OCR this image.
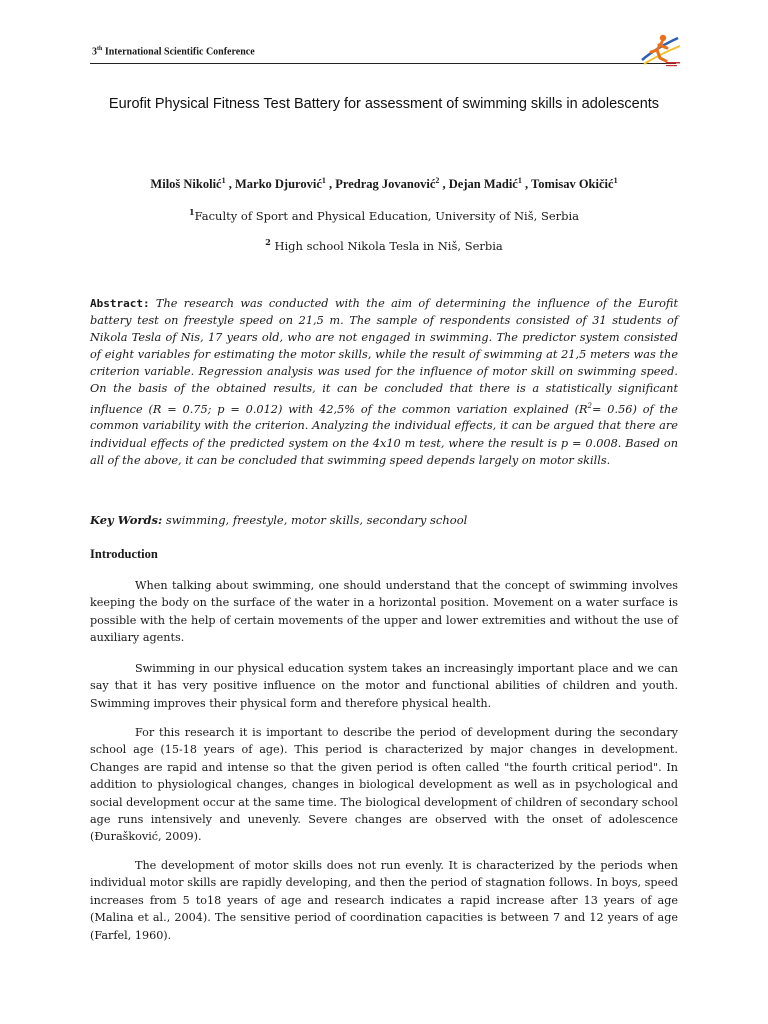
3th International Scientific Conference
Eurofit Physical Fitness Test Battery for assessment of swimming skills in adolescents
Miloš Nikolić$^1$ , Marko Djurović$^1$ , Predrag Jovanović$^2$ , Dejan Madić$^1$ , Tomisav Okičić$^1$
$^1$Faculty of Sport and Physical Education, University of Niš, Serbia
$^2$ High school Nikola Tesla in Niš, Serbia
Abstract: The research was conducted with the aim of determining the influence of the Eurofit battery test on freestyle speed on 21,5 m. The sample of respondents consisted of 31 students of Nikola Tesla of Nis, 17 years old, who are not engaged in swimming. The predictor system consisted of eight variables for estimating the motor skills, while the result of swimming at 21,5 meters was the criterion variable. Regression analysis was used for the influence of motor skill on swimming speed. On the basis of the obtained results, it can be concluded that there is a statistically significant influence (R = 0.75; p = 0.012) with 42,5% of the common variation explained $(R^2= 0.56)$ of the common variability with the criterion. Analyzing the individual effects, it can be argued that there are individual effects of the predicted system on the 4x10 m test, where the result is p = 0.008. Based on all of the above, it can be concluded that swimming speed depends largely on motor skills.
Key Words: swimming, freestyle, motor skills, secondary school
Introduction
When talking about swimming, one should understand that the concept of swimming involves keeping the body on the surface of the water in a horizontal position. Movement on a water surface is possible with the help of certain movements of the upper and lower extremities and without the use of auxiliary agents.
Swimming in our physical education system takes an increasingly important place and we can say that it has very positive influence on the motor and functional abilities of children and youth. Swimming improves their physical form and therefore physical health.
For this research it is important to describe the period of development during the secondary school age (15-18 years of age). This period is characterized by major changes in development. Changes are rapid and intense so that the given period is often called "the fourth critical period". In addition to physiological changes, changes in biological development as well as in psychological and social development occur at the same time. The biological development of children of secondary school age runs intensively and unevenly. Severe changes are observed with the onset of adolescence (Đurašković, 2009).
The development of motor skills does not run evenly. It is characterized by the periods when individual motor skills are rapidly developing, and then the period of stagnation follows. In boys, speed increases from 5 to18 years of age and research indicates a rapid increase after 13 years of age (Malina et al., 2004). The sensitive period of coordination capacities is between 7 and 12 years of age (Farfel, 1960).
